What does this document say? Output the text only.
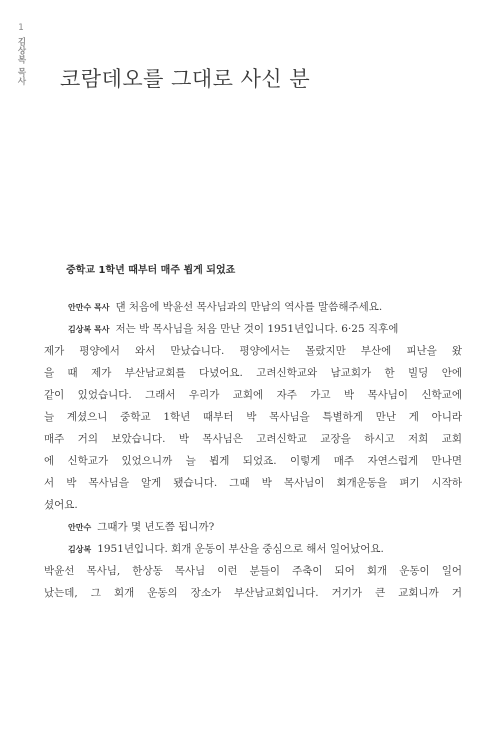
1
김상복 목사 코람데오를 그대로 사신 분
중학교 1학년 때부터 매주 뵙게 되었죠
안만수 목사 댄 처음에 박윤선 목사님과의 만남의 역사를 말씀해주세요.
김상복 목사 저는 박 목사님을 처음 만난 것이 1951년입니다. 6·25 직후에
제가 평양에서 와서 만났습니다. 평양에서는 몰랐지만 부산에 피난을 왔
을 때 제가 부산남교회를 다녔어요. 고려신학교와 남교회가 한 빌딩 안에
같이 있었습니다. 그래서 우리가 교회에 자주 가고 박 목사님이 신학교에
늘 계셨으니 중학교 1학년 때부터 박 목사님을 특별하게 만난 게 아니라
매주 거의 보았습니다. 박 목사님은 고려신학교 교장을 하시고 저희 교회
에 신학교가 있었으니까 늘 뵙게 되었죠. 이렇게 매주 자연스럽게 만나면
서 박 목사님을 알게 됐습니다. 그때 박 목사님이 회개운동을 펴기 시작하
셨어요.
안만수 그때가 몇 년도쯤 됩니까?
김상복 1951년입니다. 회개 운동이 부산을 중심으로 해서 일어났어요.
박윤선 목사님, 한상동 목사님 이런 분들이 주축이 되어 회개 운동이 일어
났는데, 그 회개 운동의 장소가 부산남교회입니다. 거기가 큰 교회니까 거
